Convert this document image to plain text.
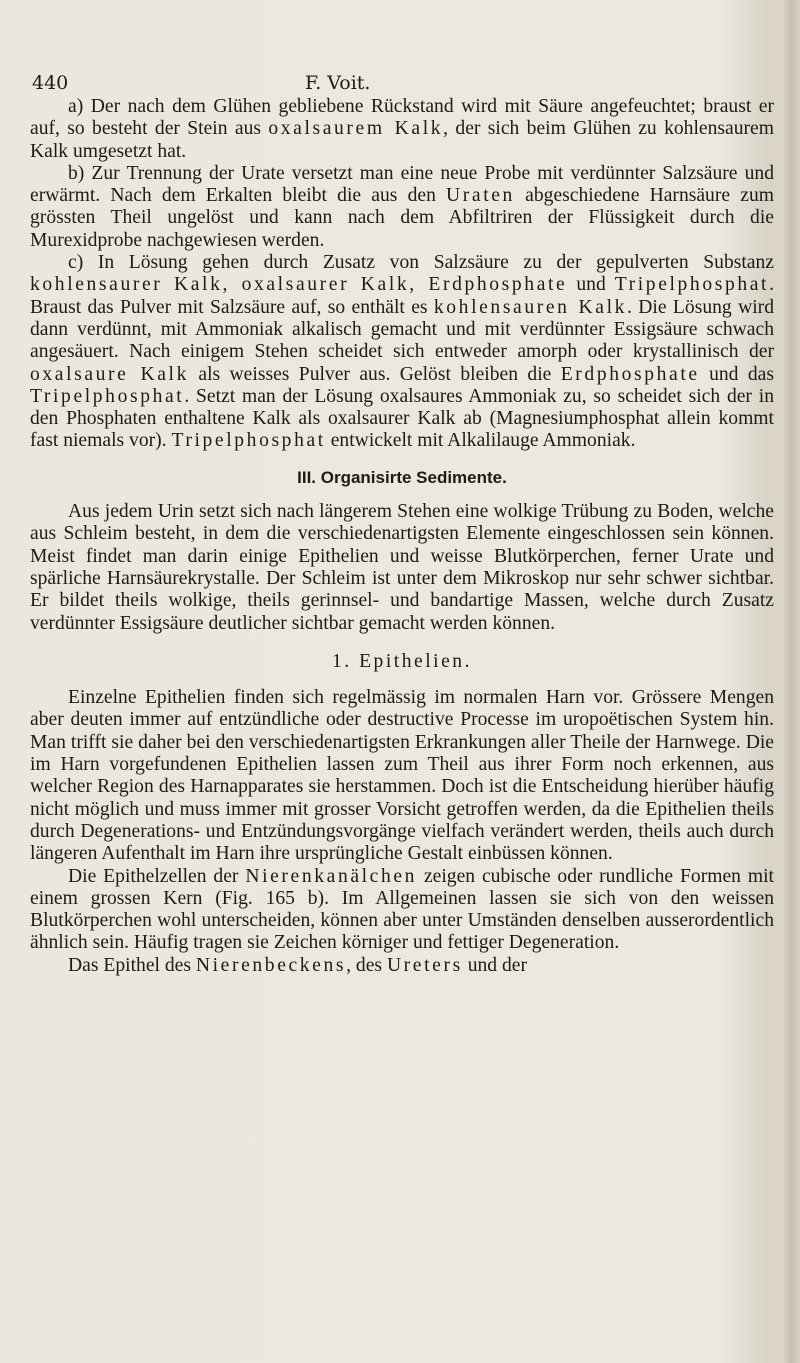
440	F. Voit.

a) Der nach dem Glühen gebliebene Rückstand wird mit Säure angefeuchtet; braust er auf, so besteht der Stein aus oxalsaurem Kalk, der sich beim Glühen zu kohlensaurem Kalk umgesetzt hat.

b) Zur Trennung der Urate versetzt man eine neue Probe mit verdünnter Salzsäure und erwärmt. Nach dem Erkalten bleibt die aus den Uraten abgeschiedene Harnsäure zum grössten Theil ungelöst und kann nach dem Abfiltriren der Flüssigkeit durch die Murexidprobe nachgewiesen werden.

c) In Lösung gehen durch Zusatz von Salzsäure zu der gepulverten Substanz kohlensaurer Kalk, oxalsaurer Kalk, Erdphosphate und Tripelphosphat. Braust das Pulver mit Salzsäure auf, so enthält es kohlensauren Kalk. Die Lösung wird dann verdünnt, mit Ammoniak alkalisch gemacht und mit verdünnter Essigsäure schwach angesäuert. Nach einigem Stehen scheidet sich entweder amorph oder krystallinisch der oxalsaure Kalk als weisses Pulver aus. Gelöst bleiben die Erdphosphate und das Tripelphosphat. Setzt man der Lösung oxalsaures Ammoniak zu, so scheidet sich der in den Phosphaten enthaltene Kalk als oxalsaurer Kalk ab (Magnesiumphosphat allein kommt fast niemals vor). Tripelphosphat entwickelt mit Alkalilauge Ammoniak.

III. Organisirte Sedimente.

Aus jedem Urin setzt sich nach längerem Stehen eine wolkige Trübung zu Boden, welche aus Schleim besteht, in dem die verschiedenartigsten Elemente eingeschlossen sein können. Meist findet man darin einige Epithelien und weisse Blutkörperchen, ferner Urate und spärliche Harnsäurekrystalle. Der Schleim ist unter dem Mikroskop nur sehr schwer sichtbar. Er bildet theils wolkige, theils gerinnsel- und bandartige Massen, welche durch Zusatz verdünnter Essigsäure deutlicher sichtbar gemacht werden können.

1. Epithelien.

Einzelne Epithelien finden sich regelmässig im normalen Harn vor. Grössere Mengen aber deuten immer auf entzündliche oder destructive Processe im uropoëtischen System hin. Man trifft sie daher bei den verschiedenartigsten Erkrankungen aller Theile der Harnwege. Die im Harn vorgefundenen Epithelien lassen zum Theil aus ihrer Form noch erkennen, aus welcher Region des Harnapparates sie herstammen. Doch ist die Entscheidung hierüber häufig nicht möglich und muss immer mit grosser Vorsicht getroffen werden, da die Epithelien theils durch Degenerations- und Entzündungsvorgänge vielfach verändert werden, theils auch durch längeren Aufenthalt im Harn ihre ursprüngliche Gestalt einbüssen können.

Die Epithelzellen der Nierenkanälchen zeigen cubische oder rundliche Formen mit einem grossen Kern (Fig. 165 b). Im Allgemeinen lassen sie sich von den weissen Blutkörperchen wohl unterscheiden, können aber unter Umständen denselben ausserordentlich ähnlich sein. Häufig tragen sie Zeichen körniger und fettiger Degeneration.

Das Epithel des Nierenbeckens, des Ureters und der
